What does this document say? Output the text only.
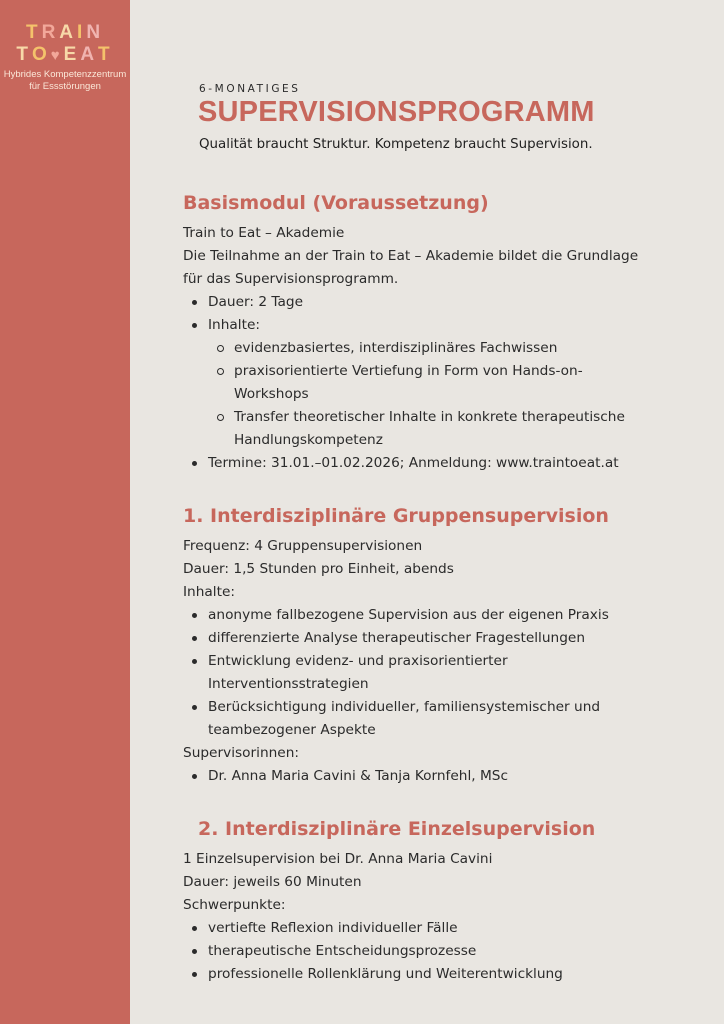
TRAIN
TO♥EAT
Hybrides Kompetenzzentrum
für Essstörungen	6-MONATIGES
SUPERVISIONSPROGRAMM
Qualität braucht Struktur. Kompetenz braucht Supervision.
Basismodul (Voraussetzung)
Train to Eat – Akademie
Die Teilnahme an der Train to Eat – Akademie bildet die Grundlage
für das Supervisionsprogramm.
Dauer: 2 Tage
Inhalte:
evidenzbasiertes, interdisziplinäres Fachwissen
praxisorientierte Vertiefung in Form von Hands-on-
Workshops
Transfer theoretischer Inhalte in konkrete therapeutische
Handlungskompetenz
Termine: 31.01.–01.02.2026; Anmeldung: www.traintoeat.at
1. Interdisziplinäre Gruppensupervision
Frequenz: 4 Gruppensupervisionen
Dauer: 1,5 Stunden pro Einheit, abends
Inhalte:
anonyme fallbezogene Supervision aus der eigenen Praxis
differenzierte Analyse therapeutischer Fragestellungen
Entwicklung evidenz- und praxisorientierter
Interventionsstrategien
Berücksichtigung individueller, familiensystemischer und
teambezogener Aspekte
Supervisorinnen:
Dr. Anna Maria Cavini & Tanja Kornfehl, MSc
2. Interdisziplinäre Einzelsupervision
1 Einzelsupervision bei Dr. Anna Maria Cavini
Dauer: jeweils 60 Minuten
Schwerpunkte:
vertiefte Reflexion individueller Fälle
therapeutische Entscheidungsprozesse
professionelle Rollenklärung und Weiterentwicklung
